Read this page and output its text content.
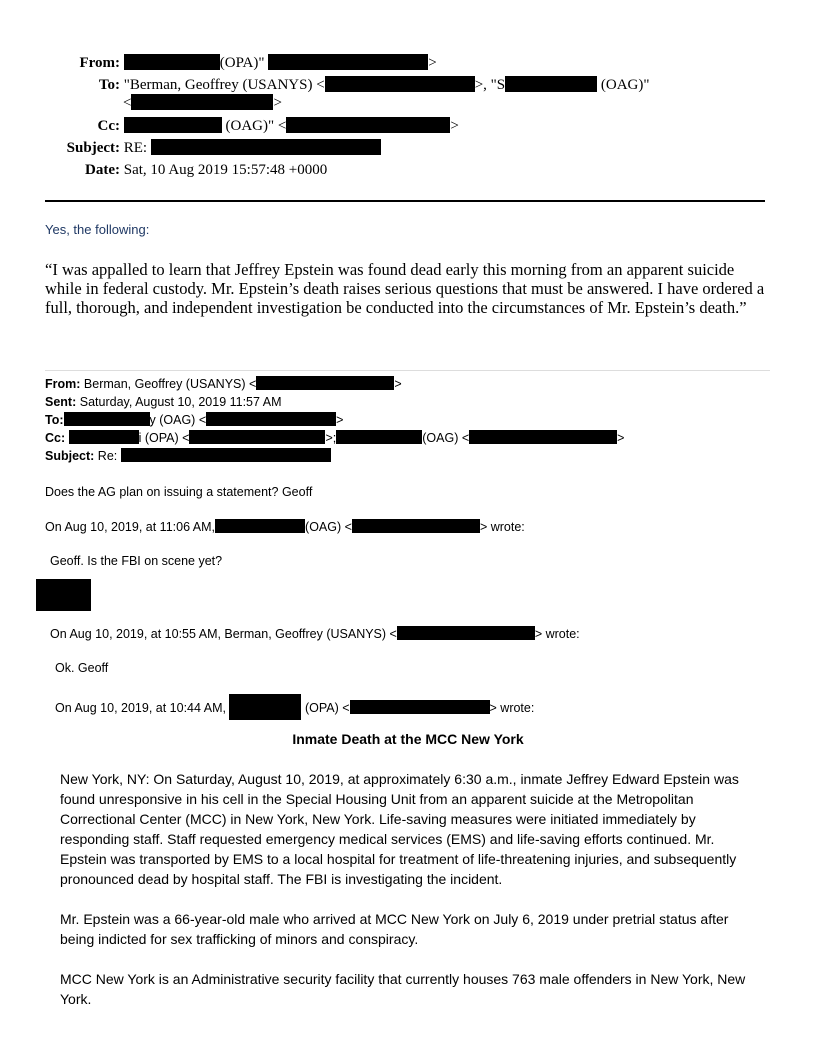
From:	(OPA)"	>
To: "Berman, Geoffrey (USANYS) <	>, "S	(OAG)"
<	>
Cc:	(OAG)" <	>
Subject: RE:
Date: Sat, 10 Aug 2019 15:57:48 +0000
Yes, the following:
“I was appalled to learn that Jeffrey Epstein was found dead early this morning from an apparent suicide while in federal custody. Mr. Epstein’s death raises serious questions that must be answered. I have ordered a full, thorough, and independent investigation be conducted into the circumstances of Mr. Epstein’s death.”
From: Berman, Geoffrey (USANYS) <	>
Sent: Saturday, August 10, 2019 11:57 AM
To:	y (OAG) <	>
Cc:	i (OPA) <	>;	(OAG) <	>
Subject: Re:
Does the AG plan on issuing a statement? Geoff
On Aug 10, 2019, at 11:06 AM,	(OAG) <	> wrote:
Geoff. Is the FBI on scene yet?
On Aug 10, 2019, at 10:55 AM, Berman, Geoffrey (USANYS) <	> wrote:
Ok. Geoff
On Aug 10, 2019, at 10:44 AM,	(OPA) <	> wrote:
Inmate Death at the MCC New York
New York, NY: On Saturday, August 10, 2019, at approximately 6:30 a.m., inmate Jeffrey Edward Epstein was found unresponsive in his cell in the Special Housing Unit from an apparent suicide at the Metropolitan Correctional Center (MCC) in New York, New York. Life-saving measures were initiated immediately by responding staff. Staff requested emergency medical services (EMS) and life-saving efforts continued. Mr. Epstein was transported by EMS to a local hospital for treatment of life-threatening injuries, and subsequently pronounced dead by hospital staff. The FBI is investigating the incident.
Mr. Epstein was a 66-year-old male who arrived at MCC New York on July 6, 2019 under pretrial status after being indicted for sex trafficking of minors and conspiracy.
MCC New York is an Administrative security facility that currently houses 763 male offenders in New York, New York.
